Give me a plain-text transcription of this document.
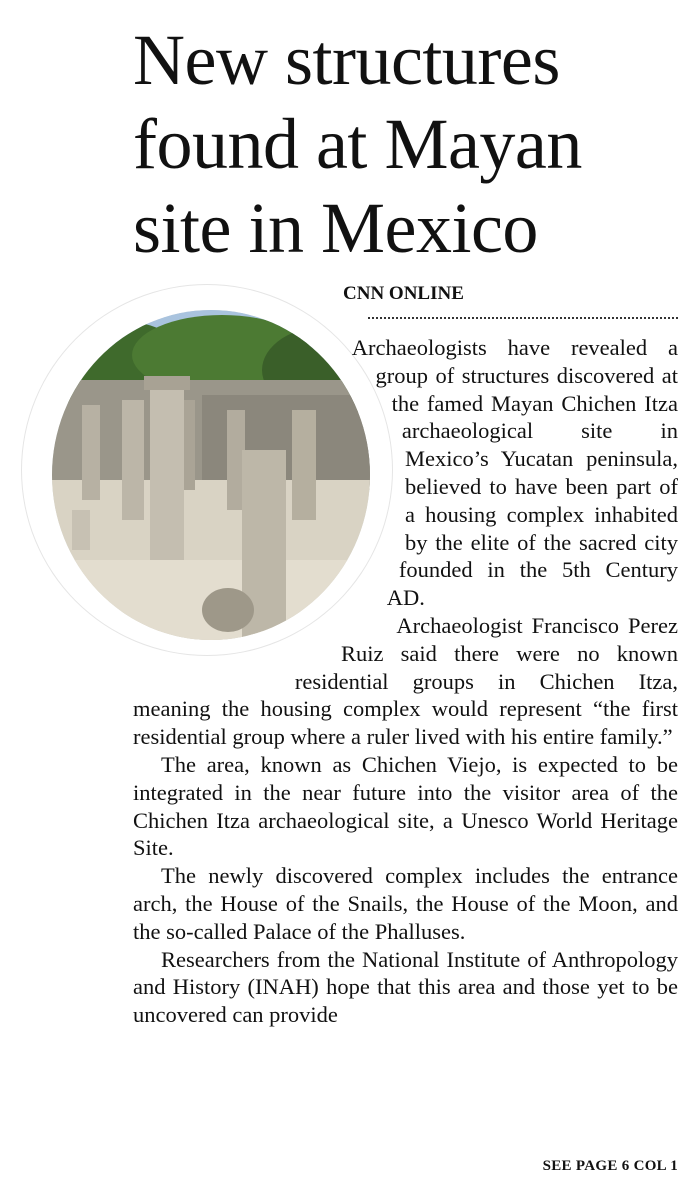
New structures found at Mayan site in Mexico
CNN ONLINE

Archaeologists have revealed a group of structures discovered at the famed Mayan Chichen Itza archaeological site in Mexico’s Yucatan peninsula, believed to have been part of a housing complex inhabited by the elite of the sacred city founded in the 5th Century AD.

Archaeologist Francisco Perez Ruiz said there were no known residential groups in Chichen Itza, meaning the housing complex would represent “the first residential group where a ruler lived with his entire family.”

The area, known as Chichen Viejo, is expected to be integrated in the near future into the visitor area of the Chichen Itza archaeological site, a Unesco World Heritage Site.

The newly discovered complex includes the entrance arch, the House of the Snails, the House of the Moon, and the so-called Palace of the Phalluses.

Researchers from the National Institute of Anthropology and History (INAH) hope that this area and those yet to be uncovered can provide

SEE PAGE 6 COL 1
